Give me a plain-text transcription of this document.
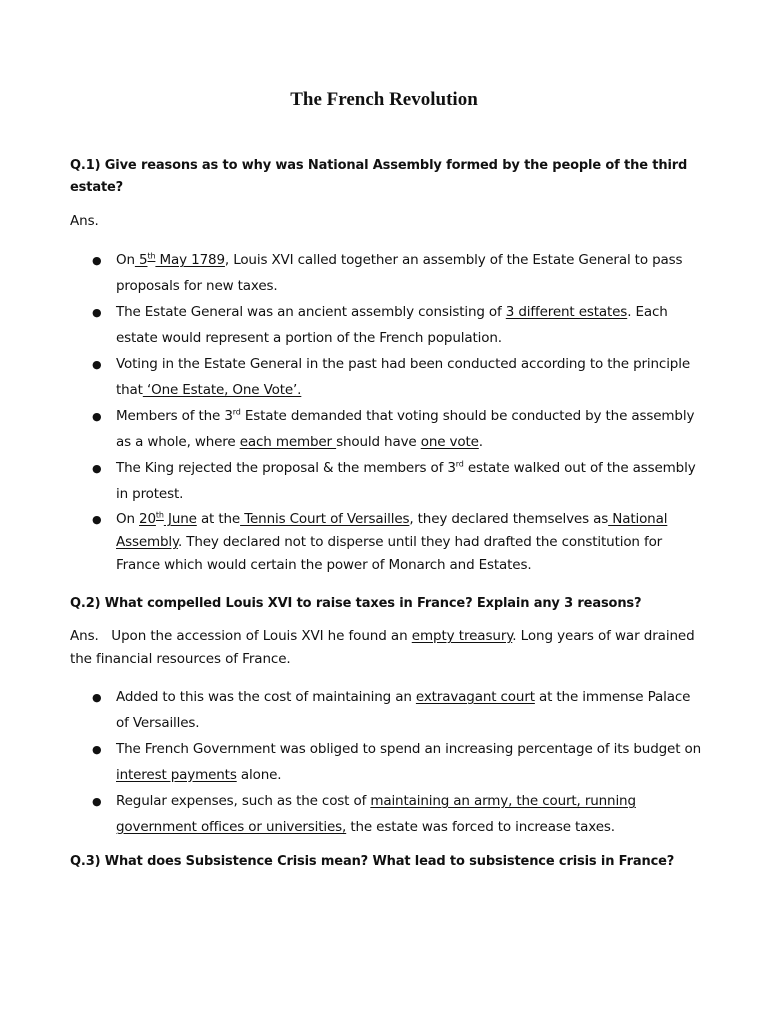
The French Revolution
Q.1) Give reasons as to why was National Assembly formed by the people of the third estate?
Ans.
● On 5th May 1789, Louis XVI called together an assembly of the Estate General to pass proposals for new taxes.
● The Estate General was an ancient assembly consisting of 3 different estates. Each estate would represent a portion of the French population.
● Voting in the Estate General in the past had been conducted according to the principle that ‘One Estate, One Vote’.
● Members of the 3rd Estate demanded that voting should be conducted by the assembly as a whole, where each member should have one vote.
● The King rejected the proposal & the members of 3rd estate walked out of the assembly in protest.
● On 20th June at the Tennis Court of Versailles, they declared themselves as National Assembly. They declared not to disperse until they had drafted the constitution for France which would certain the power of Monarch and Estates.
Q.2) What compelled Louis XVI to raise taxes in France? Explain any 3 reasons?
Ans.   Upon the accession of Louis XVI he found an empty treasury. Long years of war drained the financial resources of France.
● Added to this was the cost of maintaining an extravagant court at the immense Palace of Versailles.
● The French Government was obliged to spend an increasing percentage of its budget on interest payments alone.
● Regular expenses, such as the cost of maintaining an army, the court, running government offices or universities, the estate was forced to increase taxes.
Q.3) What does Subsistence Crisis mean? What lead to subsistence crisis in France?
